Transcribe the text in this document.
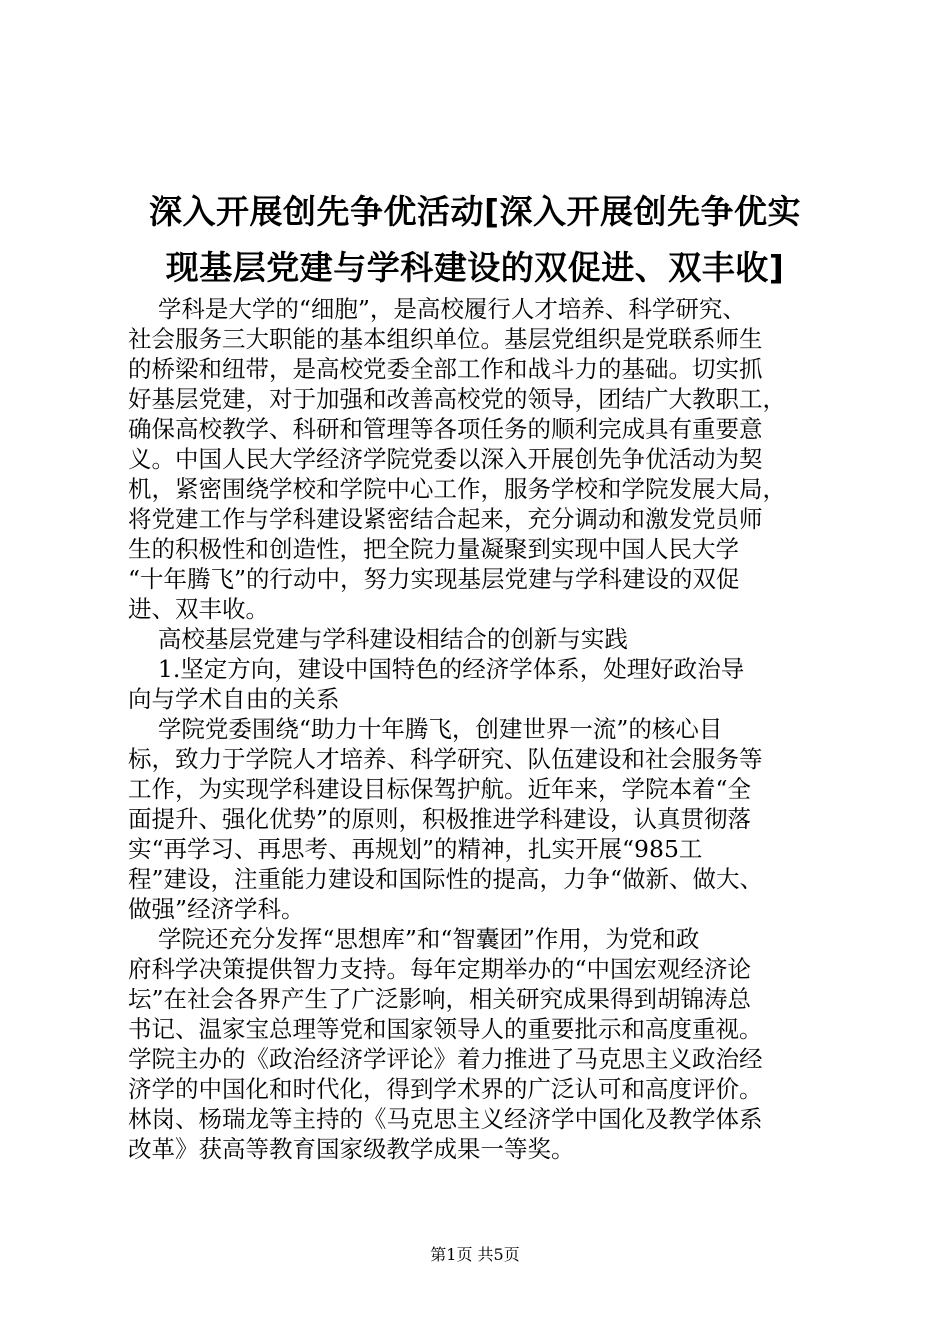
深入开展创先争优活动[深入开展创先争优实
现基层党建与学科建设的双促进、双丰收]
学科是大学的“细胞”，是高校履行人才培养、科学研究、
社会服务三大职能的基本组织单位。基层党组织是党联系师生
的桥梁和纽带，是高校党委全部工作和战斗力的基础。切实抓
好基层党建，对于加强和改善高校党的领导，团结广大教职工，
确保高校教学、科研和管理等各项任务的顺利完成具有重要意
义。中国人民大学经济学院党委以深入开展创先争优活动为契
机，紧密围绕学校和学院中心工作，服务学校和学院发展大局，
将党建工作与学科建设紧密结合起来，充分调动和激发党员师
生的积极性和创造性，把全院力量凝聚到实现中国人民大学
“十年腾飞”的行动中，努力实现基层党建与学科建设的双促
进、双丰收。
高校基层党建与学科建设相结合的创新与实践
1.坚定方向，建设中国特色的经济学体系，处理好政治导
向与学术自由的关系
学院党委围绕“助力十年腾飞，创建世界一流”的核心目
标，致力于学院人才培养、科学研究、队伍建设和社会服务等
工作，为实现学科建设目标保驾护航。近年来，学院本着“全
面提升、强化优势”的原则，积极推进学科建设，认真贯彻落
实“再学习、再思考、再规划”的精神，扎实开展“985工
程”建设，注重能力建设和国际性的提高，力争“做新、做大、
做强”经济学科。
学院还充分发挥“思想库”和“智囊团”作用，为党和政
府科学决策提供智力支持。每年定期举办的“中国宏观经济论
坛”在社会各界产生了广泛影响，相关研究成果得到胡锦涛总
书记、温家宝总理等党和国家领导人的重要批示和高度重视。
学院主办的《政治经济学评论》着力推进了马克思主义政治经
济学的中国化和时代化，得到学术界的广泛认可和高度评价。
林岗、杨瑞龙等主持的《马克思主义经济学中国化及教学体系
改革》获高等教育国家级教学成果一等奖。
第1页 共5页
